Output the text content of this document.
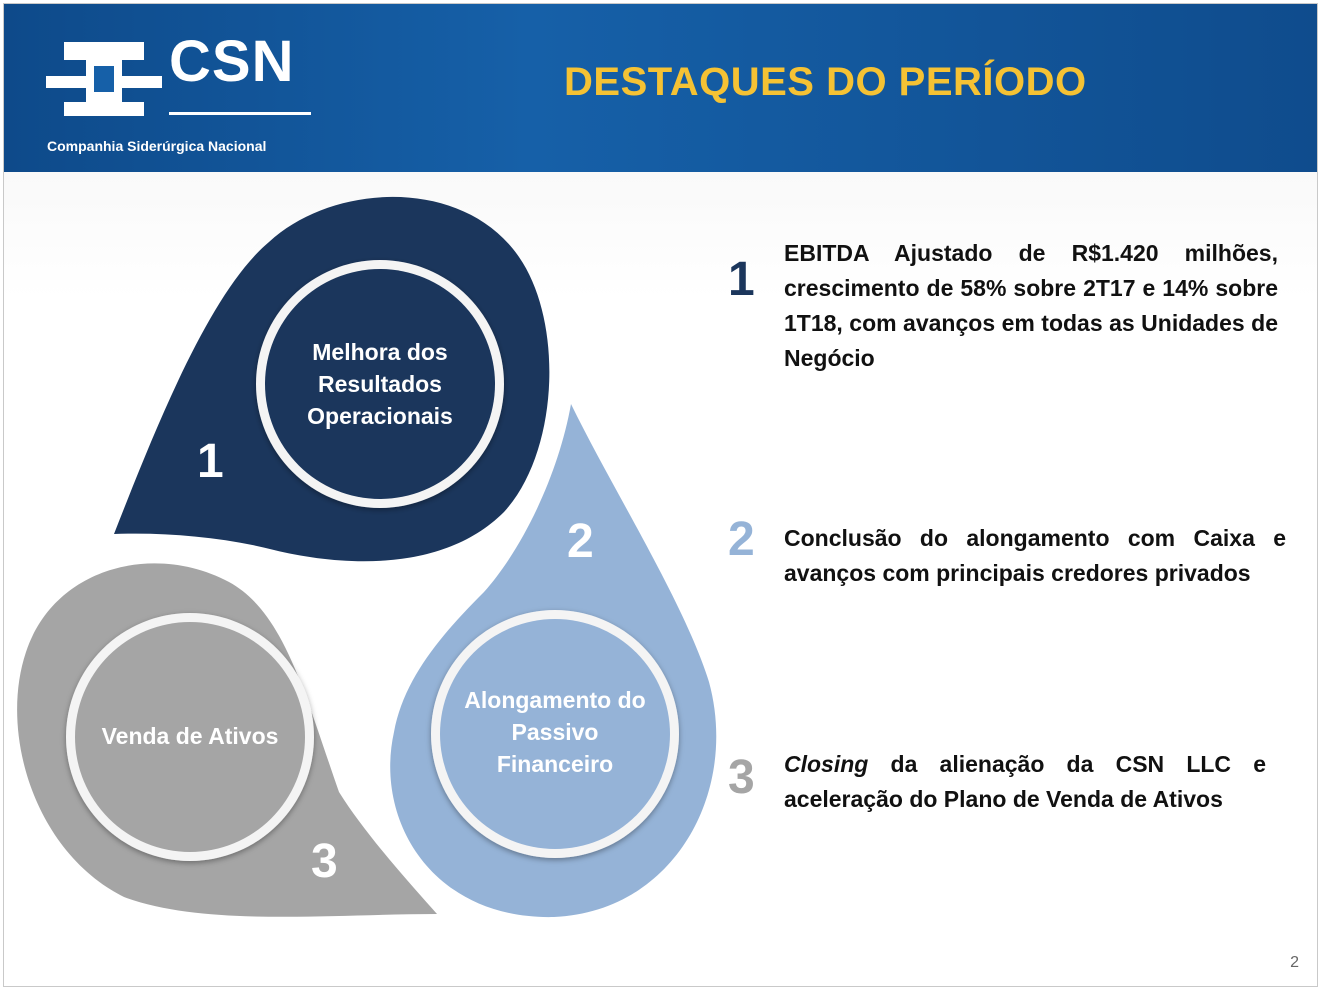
CSN
Companhia Siderúrgica Nacional
DESTAQUES DO PERÍODO
Melhora dos
Resultados
Operacionais
1
Alongamento do
Passivo
Financeiro
2
Venda de Ativos
3
1 EBITDA Ajustado de R$1.420 milhões, crescimento de 58% sobre 2T17 e 14% sobre 1T18, com avanços em todas as Unidades de Negócio
2 Conclusão do alongamento com Caixa e avanços com principais credores privados
3 Closing da alienação da CSN LLC e aceleração do Plano de Venda de Ativos
2
